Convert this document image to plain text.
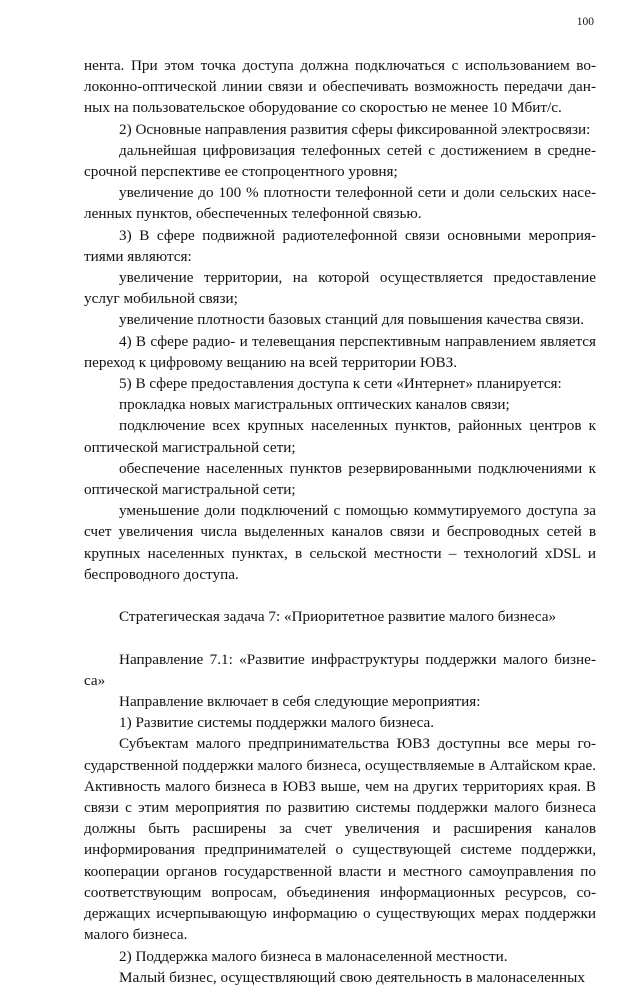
100

нента. При этом точка доступа должна подключаться с использованием волоконно-оптической линии связи и обеспечивать возможность передачи данных на пользовательское оборудование со скоростью не менее 10 Мбит/с.

2) Основные направления развития сферы фиксированной электросвязи:

дальнейшая цифровизация телефонных сетей с достижением в среднесрочной перспективе ее стопроцентного уровня;

увеличение до 100 % плотности телефонной сети и доли сельских населенных пунктов, обеспеченных телефонной связью.

3) В сфере подвижной радиотелефонной связи основными мероприятиями являются:

увеличение территории, на которой осуществляется предоставление услуг мобильной связи;

увеличение плотности базовых станций для повышения качества связи.

4) В сфере радио- и телевещания перспективным направлением является переход к цифровому вещанию на всей территории ЮВЗ.

5) В сфере предоставления доступа к сети «Интернет» планируется:

прокладка новых магистральных оптических каналов связи;

подключение всех крупных населенных пунктов, районных центров к оптической магистральной сети;

обеспечение населенных пунктов резервированными подключениями к оптической магистральной сети;

уменьшение доли подключений с помощью коммутируемого доступа за счет увеличения числа выделенных каналов связи и беспроводных сетей в крупных населенных пунктах, в сельской местности – технологий xDSL и беспроводного доступа.

Стратегическая задача 7: «Приоритетное развитие малого бизнеса»

Направление 7.1: «Развитие инфраструктуры поддержки малого бизнеса»

Направление включает в себя следующие мероприятия:

1) Развитие системы поддержки малого бизнеса.

Субъектам малого предпринимательства ЮВЗ доступны все меры государственной поддержки малого бизнеса, осуществляемые в Алтайском крае. Активность малого бизнеса в ЮВЗ выше, чем на других территориях края. В связи с этим мероприятия по развитию системы поддержки малого бизнеса должны быть расширены за счет увеличения и расширения каналов информирования предпринимателей о существующей системе поддержки, кооперации органов государственной власти и местного самоуправления по соответствующим вопросам, объединения информационных ресурсов, содержащих исчерпывающую информацию о существующих мерах поддержки малого бизнеса.

2) Поддержка малого бизнеса в малонаселенной местности.

Малый бизнес, осуществляющий свою деятельность в малонаселенных
